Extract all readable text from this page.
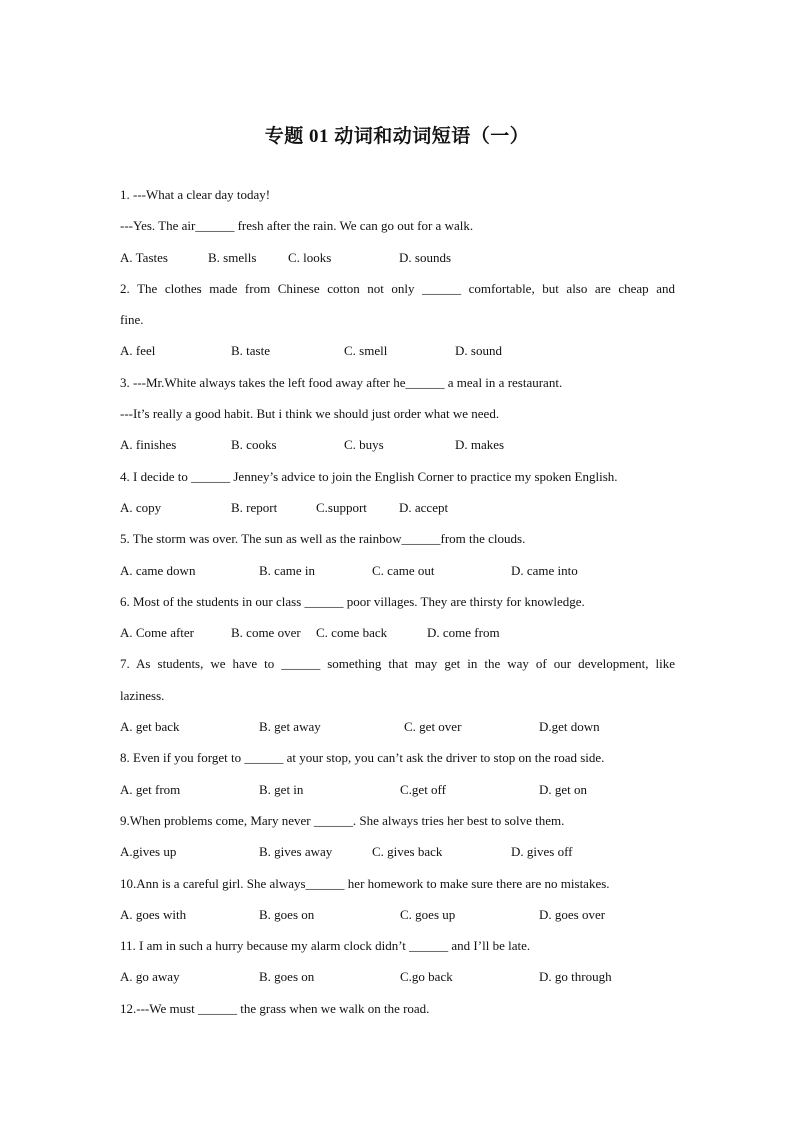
专题 01 动词和动词短语（一）
1. ---What a clear day today!
---Yes. The air______ fresh after the rain. We can go out for a walk.
A. Tastes	B. smells C. looks	D. sounds
2. The clothes made from Chinese cotton not only ______ comfortable, but also are cheap and
fine.
A. feel	B. taste	C. smell	D. sound
3. ---Mr.White always takes the left food away after he______ a meal in a restaurant.
---It’s really a good habit. But i think we should just order what we need.
A. finishes	B. cooks	C. buys	D. makes
4. I decide to ______ Jenney’s advice to join the English Corner to practice my spoken English.
A. copy	B. report	C.support D. accept
5. The storm was over. The sun as well as the rainbow______from the clouds.
A. came down	B. came in	C. came out	D. came into
6. Most of the students in our class ______ poor villages. They are thirsty for knowledge.
A. Come after	B. come over C. come back	D. come from
7. As students, we have to ______ something that may get in the way of our development, like
laziness.
A. get back	B. get away	C. get over	D.get down
8. Even if you forget to ______ at your stop, you can’t ask the driver to stop on the road side.
A. get from	B. get in	C.get off	D. get on
9.When problems come, Mary never ______. She always tries her best to solve them.
A.gives up	B. gives away	C. gives back	D. gives off
10.Ann is a careful girl. She always______ her homework to make sure there are no mistakes.
A. goes with	B. goes on	C. goes up	D. goes over
11. I am in such a hurry because my alarm clock didn’t ______ and I’ll be late.
A. go away	B. goes on	C.go back	D. go through
12.---We must ______ the grass when we walk on the road.
